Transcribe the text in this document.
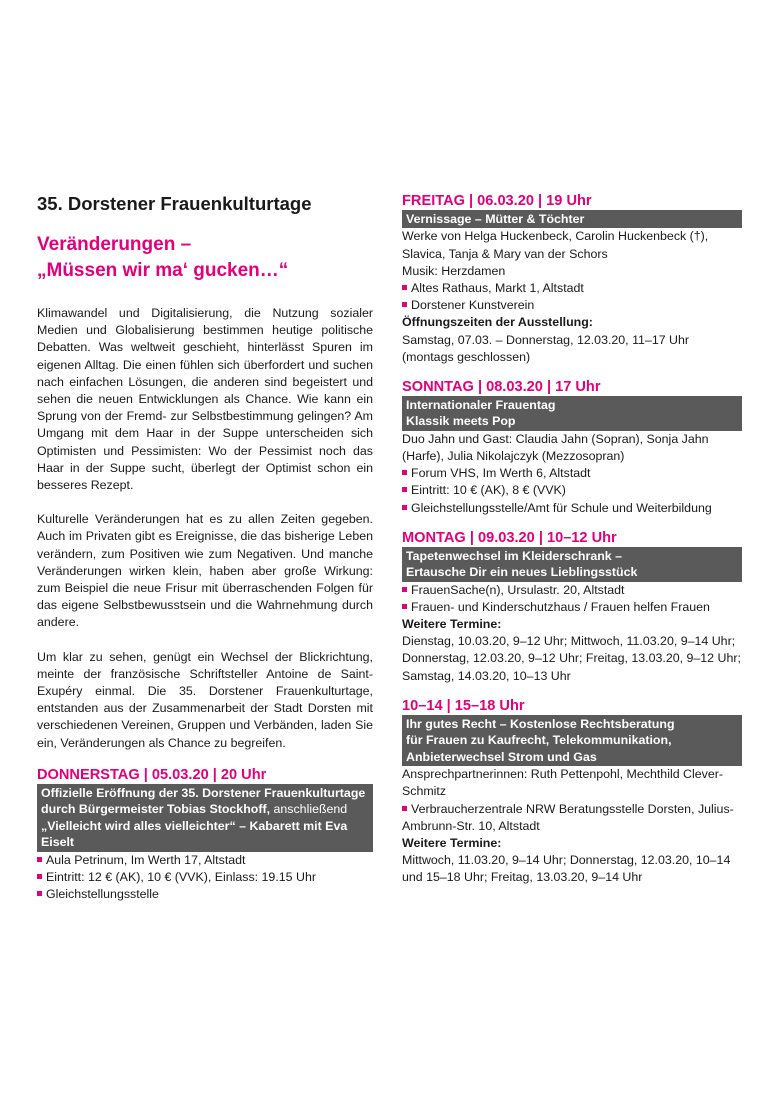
35. Dorstener Frauenkulturtage
Veränderungen –
„Müssen wir ma‘ gucken…“

Klimawandel und Digitalisierung, die Nutzung sozialer Medien und Globalisierung bestimmen heutige politische Debatten. Was weltweit geschieht, hinterlässt Spuren im eigenen Alltag. Die einen fühlen sich überfordert und suchen nach einfachen Lösungen, die anderen sind begeistert und sehen die neuen Entwicklungen als Chance. Wie kann ein Sprung von der Fremd- zur Selbstbestimmung gelingen? Am Umgang mit dem Haar in der Suppe unterscheiden sich Optimisten und Pessimisten: Wo der Pessimist noch das Haar in der Suppe sucht, überlegt der Optimist schon ein besseres Rezept.

Kulturelle Veränderungen hat es zu allen Zeiten gegeben. Auch im Privaten gibt es Ereignisse, die das bisherige Leben verändern, zum Positiven wie zum Negativen. Und manche Veränderungen wirken klein, haben aber große Wirkung: zum Beispiel die neue Frisur mit überraschenden Folgen für das eigene Selbstbewusstsein und die Wahrnehmung durch andere.

Um klar zu sehen, genügt ein Wechsel der Blickrichtung, meinte der französische Schriftsteller Antoine de Saint-Exupéry einmal. Die 35. Dorstener Frauenkulturtage, entstanden aus der Zusammenarbeit der Stadt Dorsten mit verschiedenen Vereinen, Gruppen und Verbänden, laden Sie ein, Veränderungen als Chance zu begreifen.

DONNERSTAG | 05.03.20 | 20 Uhr
Offizielle Eröffnung der 35. Dorstener Frauenkulturtage durch Bürgermeister Tobias Stockhoff, anschließend „Vielleicht wird alles vielleichter“ – Kabarett mit Eva Eiselt
Aula Petrinum, Im Werth 17, Altstadt
Eintritt: 12 € (AK), 10 € (VVK), Einlass: 19.15 Uhr
Gleichstellungsstelle
FREITAG | 06.03.20 | 19 Uhr
Vernissage – Mütter & Töchter
Werke von Helga Huckenbeck, Carolin Huckenbeck (†), Slavica, Tanja & Mary van der Schors
Musik: Herzdamen
Altes Rathaus, Markt 1, Altstadt
Dorstener Kunstverein
Öffnungszeiten der Ausstellung:
Samstag, 07.03. – Donnerstag, 12.03.20, 11–17 Uhr (montags geschlossen)
SONNTAG | 08.03.20 | 17 Uhr
Internationaler Frauentag
Klassik meets Pop
Duo Jahn und Gast: Claudia Jahn (Sopran), Sonja Jahn (Harfe), Julia Nikolajczyk (Mezzosopran)
Forum VHS, Im Werth 6, Altstadt
Eintritt: 10 € (AK), 8 € (VVK)
Gleichstellungsstelle/Amt für Schule und Weiterbildung
MONTAG | 09.03.20 | 10–12 Uhr
Tapetenwechsel im Kleiderschrank –
Ertausche Dir ein neues Lieblingsstück
FrauenSache(n), Ursulastr. 20, Altstadt
Frauen- und Kinderschutzhaus / Frauen helfen Frauen
Weitere Termine:
Dienstag, 10.03.20, 9–12 Uhr; Mittwoch, 11.03.20, 9–14 Uhr; Donnerstag, 12.03.20, 9–12 Uhr; Freitag, 13.03.20, 9–12 Uhr; Samstag, 14.03.20, 10–13 Uhr
10–14 | 15–18 Uhr
Ihr gutes Recht – Kostenlose Rechtsberatung
für Frauen zu Kaufrecht, Telekommunikation,
Anbieterwechsel Strom und Gas
Ansprechpartnerinnen: Ruth Pettenpohl, Mechthild Clever-Schmitz
Verbraucherzentrale NRW Beratungsstelle Dorsten, Julius-Ambrunn-Str. 10, Altstadt
Weitere Termine:
Mittwoch, 11.03.20, 9–14 Uhr; Donnerstag, 12.03.20, 10–14 und 15–18 Uhr; Freitag, 13.03.20, 9–14 Uhr
